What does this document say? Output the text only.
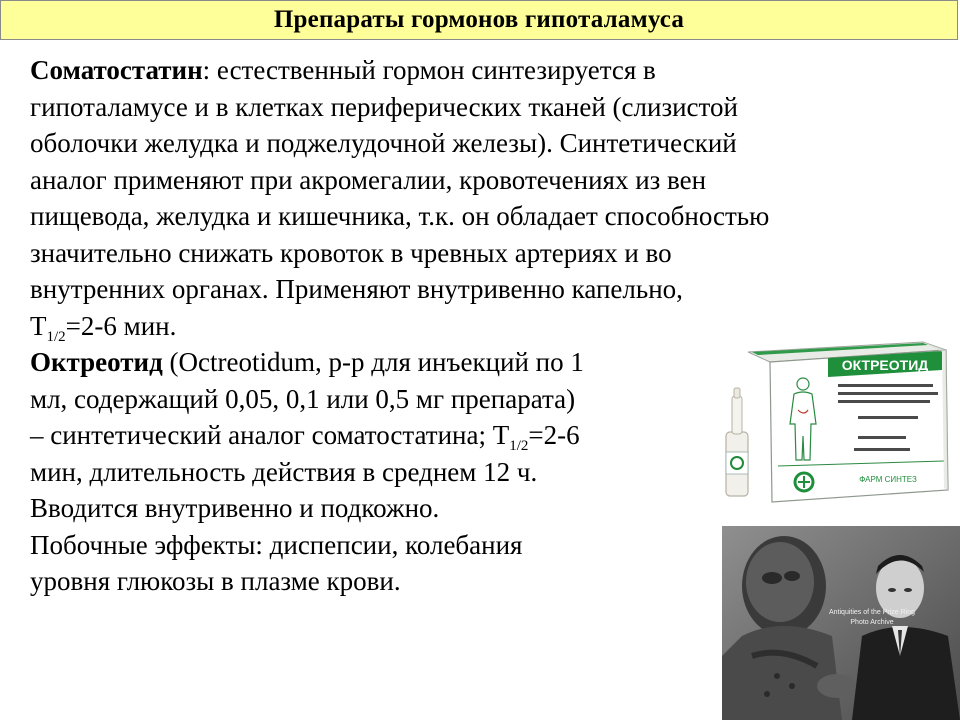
Препараты гормонов гипоталамуса
Соматостатин: естественный гормон синтезируется в
гипоталамусе и в клетках периферических тканей (слизистой
оболочки желудка и поджелудочной железы). Синтетический
аналог применяют при акромегалии, кровотечениях из вен
пищевода, желудка и кишечника, т.к. он обладает способностью
значительно снижать кровоток в чревных артериях и во
внутренних органах. Применяют внутривенно капельно,
$T_{1/2}=2-6$ мин.
Октреотид (Octreotidum, р-р для инъекций по 1
мл, содержащий 0,05, 0,1 или 0,5 мг препарата)
– синтетический аналог соматостатина; $T_{1/2}=2-6$
мин, длительность действия в среднем 12 ч.
Вводится внутривенно и подкожно.
Побочные эффекты: диспепсии, колебания
уровня глюкозы в плазме крови.
ОКТРЕОТИД
ФАРМ СИНТЕЗ
Antiquities of the Prize Ring
Photo Archive
